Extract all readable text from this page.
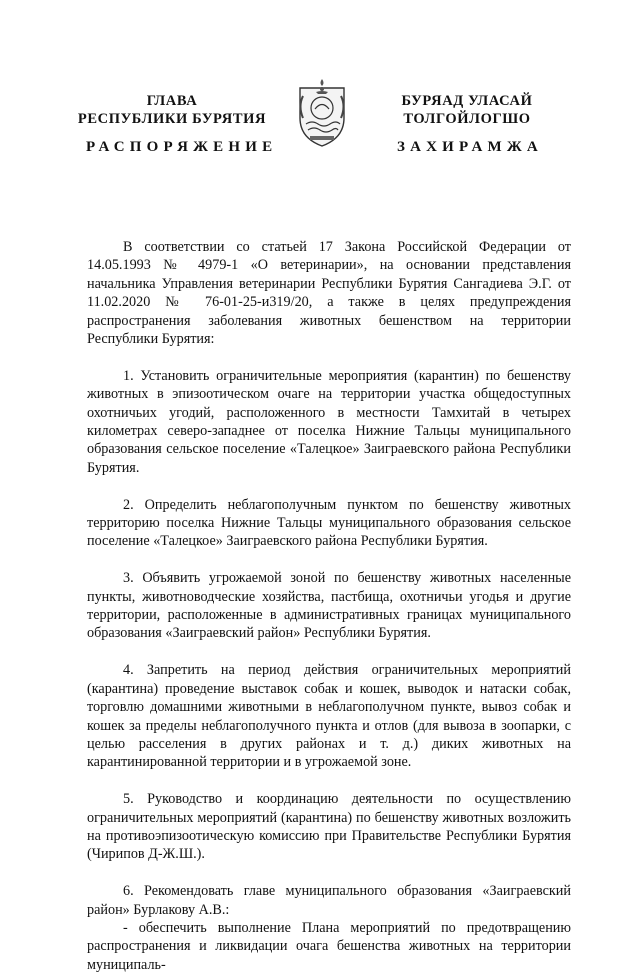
ГЛАВА
РЕСПУБЛИКИ БУРЯТИЯ
БУРЯАД УЛАСАЙ
ТОЛГОЙЛОГШО
РАСПОРЯЖЕНИЕ	ЗАХИРАМЖА

В соответствии со статьей 17 Закона Российской Федерации от 14.05.1993 № 4979-1 «О ветеринарии», на основании представления начальника Управления ветеринарии Республики Бурятия Сангадиева Э.Г. от 11.02.2020 № 76-01-25-и319/20, а также в целях предупреждения распространения заболевания животных бешенством на территории Республики Бурятия:

1. Установить ограничительные мероприятия (карантин) по бешенству животных в эпизоотическом очаге на территории участка общедоступных охотничьих угодий, расположенного в местности Тамхитай в четырех километрах северо-западнее от поселка Нижние Тальцы муниципального образования сельское поселение «Талецкое» Заиграевского района Республики Бурятия.

2. Определить неблагополучным пунктом по бешенству животных территорию поселка Нижние Тальцы муниципального образования сельское поселение «Талецкое» Заиграевского района Республики Бурятия.

3. Объявить угрожаемой зоной по бешенству животных населенные пункты, животноводческие хозяйства, пастбища, охотничьи угодья и другие территории, расположенные в административных границах муниципального образования «Заиграевский район» Республики Бурятия.

4. Запретить на период действия ограничительных мероприятий (карантина) проведение выставок собак и кошек, выводок и натаски собак, торговлю домашними животными в неблагополучном пункте, вывоз собак и кошек за пределы неблагополучного пункта и отлов (для вывоза в зоопарки, с целью расселения в других районах и т. д.) диких животных на карантинированной территории и в угрожаемой зоне.

5. Руководство и координацию деятельности по осуществлению ограничительных мероприятий (карантина) по бешенству животных возложить на противоэпизоотическую комиссию при Правительстве Республики Бурятия (Чирипов Д-Ж.Ш.).

6. Рекомендовать главе муниципального образования «Заиграевский район» Бурлакову А.В.:

- обеспечить выполнение Плана мероприятий по предотвращению распространения и ликвидации очага бешенства животных на территории муниципаль-
